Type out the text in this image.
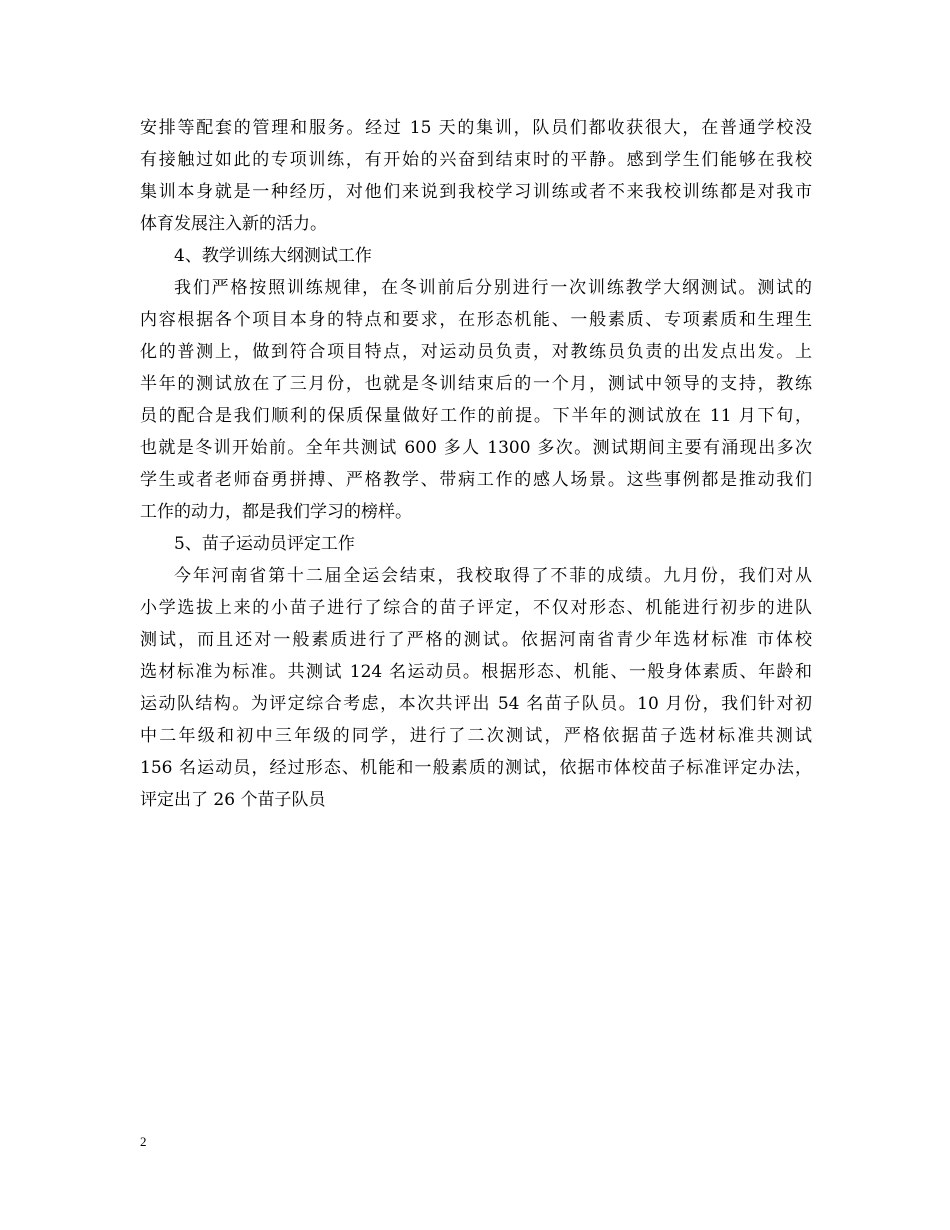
安排等配套的管理和服务。经过 15 天的集训，队员们都收获很大，在普通学校没
有接触过如此的专项训练，有开始的兴奋到结束时的平静。感到学生们能够在我校
集训本身就是一种经历，对他们来说到我校学习训练或者不来我校训练都是对我市
体育发展注入新的活力。
4、教学训练大纲测试工作
我们严格按照训练规律，在冬训前后分别进行一次训练教学大纲测试。测试的
内容根据各个项目本身的特点和要求，在形态机能、一般素质、专项素质和生理生
化的普测上，做到符合项目特点，对运动员负责，对教练员负责的出发点出发。上
半年的测试放在了三月份，也就是冬训结束后的一个月，测试中领导的支持，教练
员的配合是我们顺利的保质保量做好工作的前提。下半年的测试放在 11 月下旬，
也就是冬训开始前。全年共测试 600 多人 1300 多次。测试期间主要有涌现出多次
学生或者老师奋勇拼搏、严格教学、带病工作的感人场景。这些事例都是推动我们
工作的动力，都是我们学习的榜样。
5、苗子运动员评定工作
今年河南省第十二届全运会结束，我校取得了不菲的成绩。九月份，我们对从
小学选拔上来的小苗子进行了综合的苗子评定，不仅对形态、机能进行初步的进队
测试，而且还对一般素质进行了严格的测试。依据河南省青少年选材标准 市体校
选材标准为标准。共测试 124 名运动员。根据形态、机能、一般身体素质、年龄和
运动队结构。为评定综合考虑，本次共评出 54 名苗子队员。10 月份，我们针对初
中二年级和初中三年级的同学，进行了二次测试，严格依据苗子选材标准共测试
156 名运动员，经过形态、机能和一般素质的测试，依据市体校苗子标准评定办法，
评定出了 26 个苗子队员
2
